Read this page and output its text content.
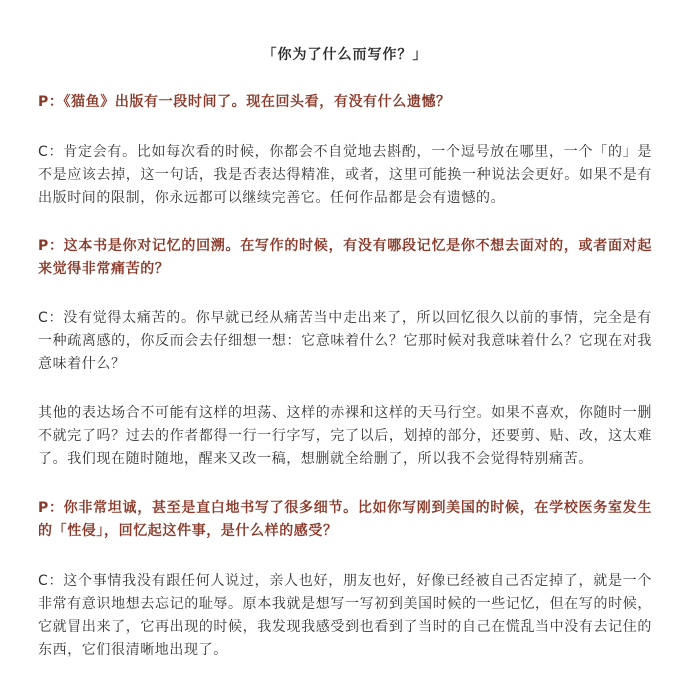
「你为了什么而写作？」
P：《猫鱼》出版有一段时间了。现在回头看，有没有什么遗憾？
C：肯定会有。比如每次看的时候，你都会不自觉地去斟酌，一个逗号放在哪里，一个「的」是不是应该去掉，这一句话，我是否表达得精准，或者，这里可能换一种说法会更好。如果不是有出版时间的限制，你永远都可以继续完善它。任何作品都是会有遗憾的。
P：这本书是你对记忆的回溯。在写作的时候，有没有哪段记忆是你不想去面对的，或者面对起来觉得非常痛苦的？
C：没有觉得太痛苦的。你早就已经从痛苦当中走出来了，所以回忆很久以前的事情，完全是有一种疏离感的，你反而会去仔细想一想：它意味着什么？它那时候对我意味着什么？它现在对我意味着什么？
其他的表达场合不可能有这样的坦荡、这样的赤裸和这样的天马行空。如果不喜欢，你随时一删不就完了吗？过去的作者都得一行一行字写，完了以后，划掉的部分，还要剪、贴、改，这太难了。我们现在随时随地，醒来又改一稿，想删就全给删了，所以我不会觉得特别痛苦。
P：你非常坦诚，甚至是直白地书写了很多细节。比如你写刚到美国的时候，在学校医务室发生的「性侵」，回忆起这件事，是什么样的感受？
C：这个事情我没有跟任何人说过，亲人也好，朋友也好，好像已经被自己否定掉了，就是一个非常有意识地想去忘记的耻辱。原本我就是想写一写初到美国时候的一些记忆，但在写的时候，它就冒出来了，它再出现的时候，我发现我感受到也看到了当时的自己在慌乱当中没有去记住的东西，它们很清晰地出现了。
